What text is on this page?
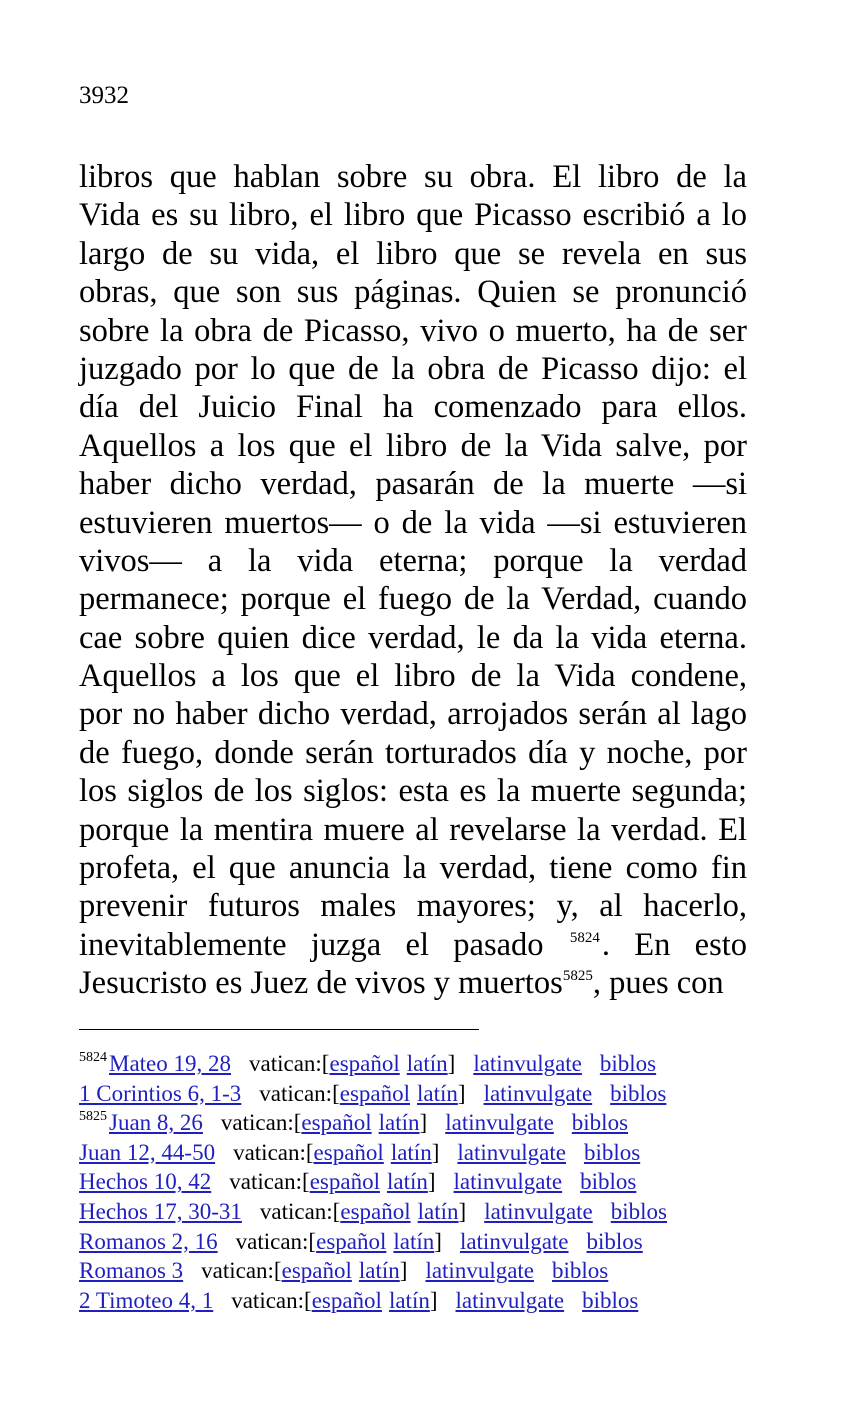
3932
libros que hablan sobre su obra. El libro de la
Vida es su libro, el libro que Picasso escribió a lo
largo de su vida, el libro que se revela en sus
obras, que son sus páginas. Quien se pronunció
sobre la obra de Picasso, vivo o muerto, ha de ser
juzgado por lo que de la obra de Picasso dijo: el
día del Juicio Final ha comenzado para ellos.
Aquellos a los que el libro de la Vida salve, por
haber dicho verdad, pasarán de la muerte —si
estuvieren muertos— o de la vida —si estuvieren
vivos— a la vida eterna; porque la verdad
permanece; porque el fuego de la Verdad, cuando
cae sobre quien dice verdad, le da la vida eterna.
Aquellos a los que el libro de la Vida condene,
por no haber dicho verdad, arrojados serán al lago
de fuego, donde serán torturados día y noche, por
los siglos de los siglos: esta es la muerte segunda;
porque la mentira muere al revelarse la verdad. El
profeta, el que anuncia la verdad, tiene como fin
prevenir futuros males mayores; y, al hacerlo,
inevitablemente juzga el pasado $^{5824}$. En esto
Jesucristo es Juez de vivos y muertos$^{5825}$, pues con
$^{5824}$Mateo 19, 28 vatican:[español latín] latinvulgate biblos
1 Corintios 6, 1-3 vatican:[español latín] latinvulgate biblos
$^{5825}$Juan 8, 26 vatican:[español latín] latinvulgate biblos
Juan 12, 44-50 vatican:[español latín] latinvulgate biblos
Hechos 10, 42 vatican:[español latín] latinvulgate biblos
Hechos 17, 30-31 vatican:[español latín] latinvulgate biblos
Romanos 2, 16 vatican:[español latín] latinvulgate biblos
Romanos 3 vatican:[español latín] latinvulgate biblos
2 Timoteo 4, 1 vatican:[español latín] latinvulgate biblos
